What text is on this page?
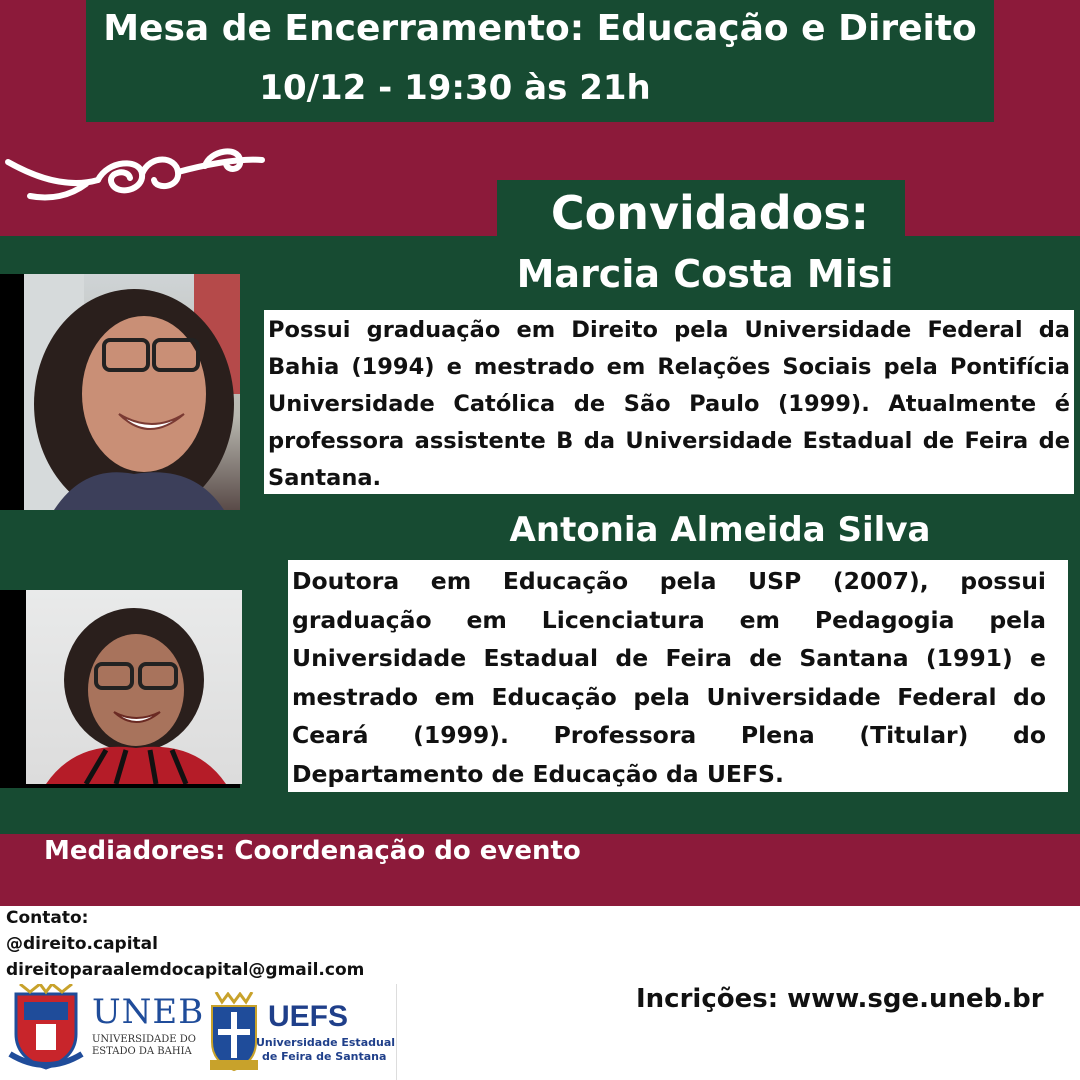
Mesa de Encerramento: Educação e Direito
10/12 - 19:30 às 21h
Convidados:
Marcia Costa Misi
Possui graduação em Direito pela Universidade Federal da Bahia (1994) e mestrado em Relações Sociais pela Pontifícia Universidade Católica de São Paulo (1999). Atualmente é professora assistente B da Universidade Estadual de Feira de Santana.
Antonia Almeida Silva
Doutora em Educação pela USP (2007), possui graduação em Licenciatura em Pedagogia pela Universidade Estadual de Feira de Santana (1991) e mestrado em Educação pela Universidade Federal do Ceará (1999). Professora Plena (Titular) do Departamento de Educação da UEFS.
Mediadores: Coordenação do evento
Contato:
@direito.capital
direitoparaalemdocapital@gmail.com
UNEB
UNIVERSIDADE DO
ESTADO DA BAHIA
UEFS
Universidade Estadual
de Feira de Santana
Incrições: www.sge.uneb.br
